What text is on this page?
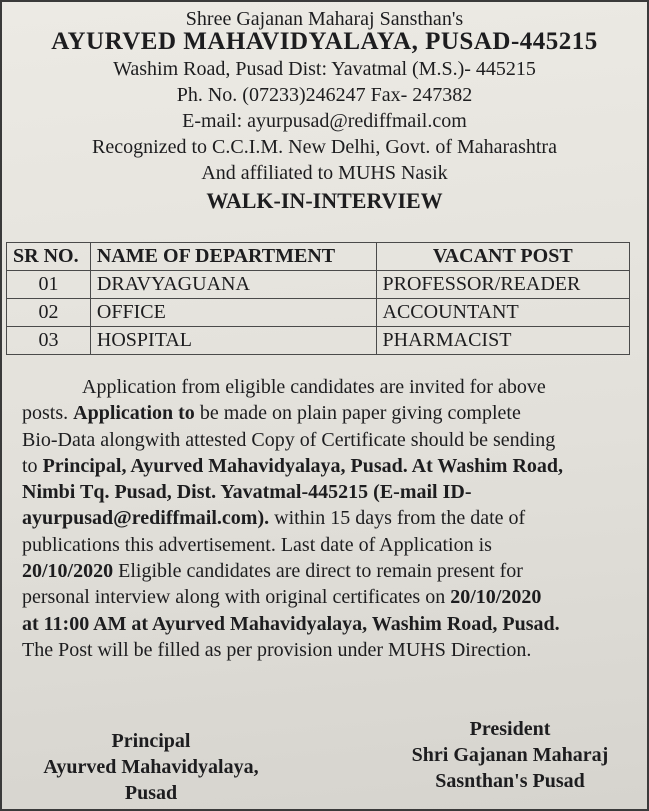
Shree Gajanan Maharaj Sansthan's
AYURVED MAHAVIDYALAYA, PUSAD-445215
Washim Road, Pusad Dist: Yavatmal (M.S.)- 445215
Ph. No. (07233)246247 Fax- 247382
E-mail: ayurpusad@rediffmail.com
Recognized to C.C.I.M. New Delhi, Govt. of Maharashtra
And affiliated to MUHS Nasik
WALK-IN-INTERVIEW
SR NO.	NAME OF DEPARTMENT	VACANT POST
01	DRAVYAGUANA	PROFESSOR/READER
02	OFFICE	ACCOUNTANT
03	HOSPITAL	PHARMACIST
Application from eligible candidates are invited for above
posts. Application to be made on plain paper giving complete
Bio-Data alongwith attested Copy of Certificate should be sending
to Principal, Ayurved Mahavidyalaya, Pusad. At Washim Road,
Nimbi Tq. Pusad, Dist. Yavatmal-445215 (E-mail ID-
ayurpusad@rediffmail.com). within 15 days from the date of
publications this advertisement. Last date of Application is
20/10/2020 Eligible candidates are direct to remain present for
personal interview along with original certificates on 20/10/2020
at 11:00 AM at Ayurved Mahavidyalaya, Washim Road, Pusad.
The Post will be filled as per provision under MUHS Direction.
Principal
Ayurved Mahavidyalaya,
Pusad
President
Shri Gajanan Maharaj
Sasnthan's Pusad
